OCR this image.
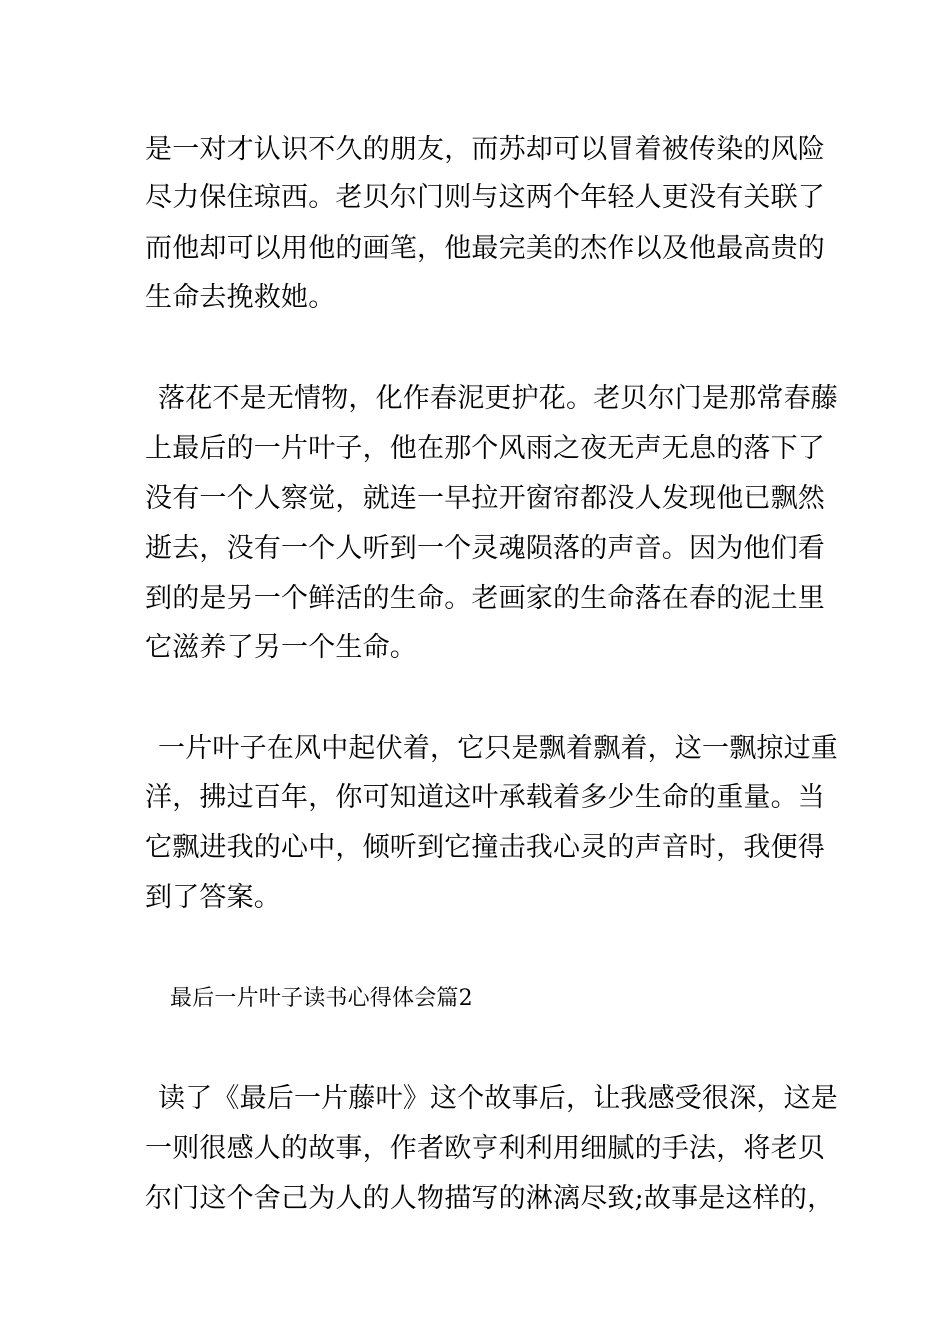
是一对才认识不久的朋友，而苏却可以冒着被传染的风险
尽力保住琼西。老贝尔门则与这两个年轻人更没有关联了
而他却可以用他的画笔，他最完美的杰作以及他最高贵的
生命去挽救她。
落花不是无情物，化作春泥更护花。老贝尔门是那常春藤
上最后的一片叶子，他在那个风雨之夜无声无息的落下了
没有一个人察觉，就连一早拉开窗帘都没人发现他已飘然
逝去，没有一个人听到一个灵魂陨落的声音。因为他们看
到的是另一个鲜活的生命。老画家的生命落在春的泥土里
它滋养了另一个生命。
一片叶子在风中起伏着，它只是飘着飘着，这一飘掠过重
洋，拂过百年，你可知道这叶承载着多少生命的重量。当
它飘进我的心中，倾听到它撞击我心灵的声音时，我便得
到了答案。
最后一片叶子读书心得体会篇2
读了《最后一片藤叶》这个故事后，让我感受很深，这是
一则很感人的故事，作者欧亨利利用细腻的手法，将老贝
尔门这个舍己为人的人物描写的淋漓尽致;故事是这样的，
